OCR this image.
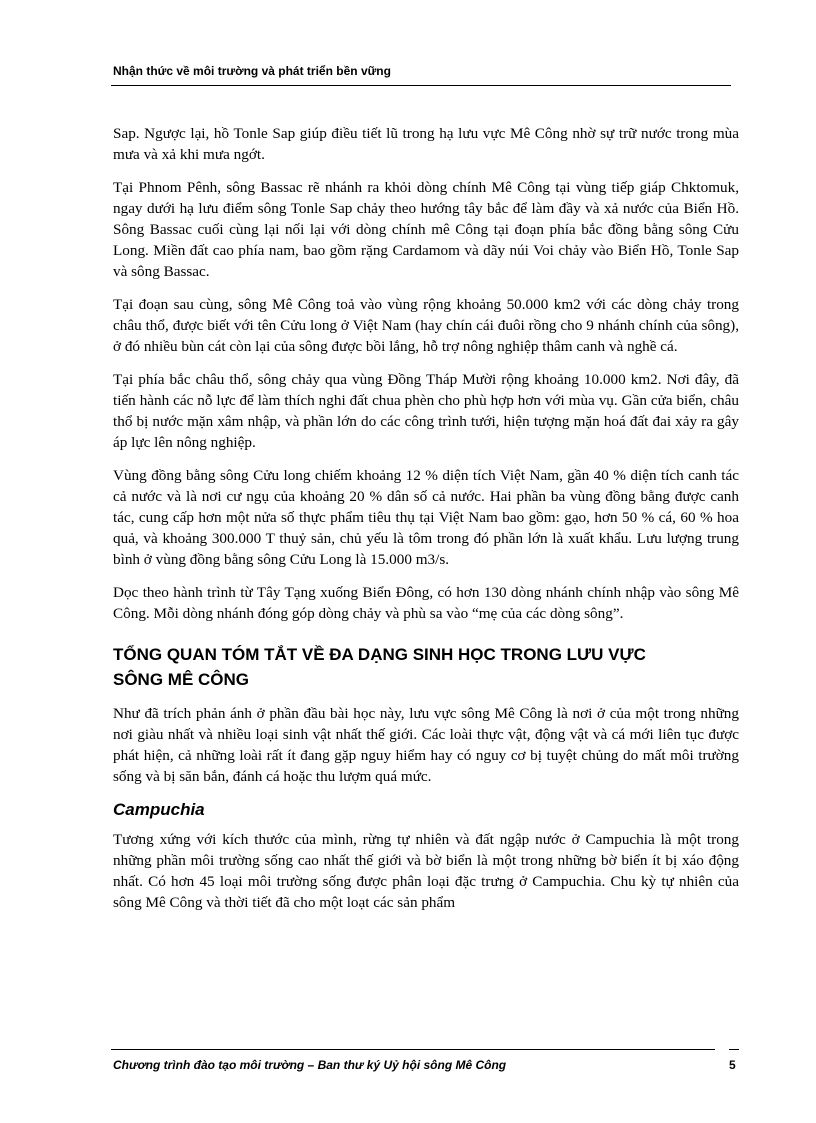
Nhận thức về môi trường và phát triển bền vững

Sap. Ngược lại, hồ Tonle Sap giúp điều tiết lũ trong hạ lưu vực Mê Công nhờ sự trữ nước trong mùa mưa và xả khi mưa ngớt.

Tại Phnom Pênh, sông Bassac rẽ nhánh ra khỏi dòng chính Mê Công tại vùng tiếp giáp Chktomuk, ngay dưới hạ lưu điểm sông Tonle Sap chảy theo hướng tây bắc để làm đầy và xả nước của Biển Hồ. Sông Bassac cuối cùng lại nối lại với dòng chính mê Công tại đoạn phía bắc đồng bằng sông Cửu Long. Miền đất cao phía nam, bao gồm rặng Cardamom và dãy núi Voi chảy vào Biển Hồ, Tonle Sap và sông Bassac.

Tại đoạn sau cùng, sông Mê Công toả vào vùng rộng khoảng 50.000 km2 với các dòng chảy trong châu thổ, được biết với tên Cửu long ở Việt Nam (hay chín cái đuôi rồng cho 9 nhánh chính của sông), ở đó nhiều bùn cát còn lại của sông được bồi lắng, hỗ trợ nông nghiệp thâm canh và nghề cá.

Tại phía bắc châu thổ, sông chảy qua vùng Đồng Tháp Mười rộng khoảng 10.000 km2. Nơi đây, đã tiến hành các nỗ lực để làm thích nghi đất chua phèn cho phù hợp hơn với mùa vụ. Gần cửa biển, châu thổ bị nước mặn xâm nhập, và phần lớn do các công trình tưới, hiện tượng mặn hoá đất đai xảy ra gây áp lực lên nông nghiệp.

Vùng đồng bằng sông Cửu long chiếm khoảng 12 % diện tích Việt Nam, gần 40 % diện tích canh tác cả nước và là nơi cư ngụ của khoảng 20 % dân số cả nước. Hai phần ba vùng đồng bằng được canh tác, cung cấp hơn một nửa số thực phẩm tiêu thụ tại Việt Nam bao gồm: gạo, hơn 50 % cá, 60 % hoa quả, và khoảng 300.000 T thuỷ sản, chủ yếu là tôm trong đó phần lớn là xuất khẩu. Lưu lượng trung bình ở vùng đồng bằng sông Cửu Long là 15.000 m3/s.

Dọc theo hành trình từ Tây Tạng xuống Biển Đông, có hơn 130 dòng nhánh chính nhập vào sông Mê Công. Mỗi dòng nhánh đóng góp dòng chảy và phù sa vào “mẹ của các dòng sông”.

TỔNG QUAN TÓM TẮT VỀ ĐA DẠNG SINH HỌC TRONG LƯU VỰC SÔNG MÊ CÔNG

Như đã trích phản ánh ở phần đầu bài học này, lưu vực sông Mê Công là nơi ở của một trong những nơi giàu nhất và nhiều loại sinh vật nhất thế giới. Các loài thực vật, động vật và cá mới liên tục được phát hiện, cả những loài rất ít đang gặp nguy hiểm hay có nguy cơ bị tuyệt chủng do mất môi trường sống và bị săn bắn, đánh cá hoặc thu lượm quá mức.

Campuchia

Tương xứng với kích thước của mình, rừng tự nhiên và đất ngập nước ở Campuchia là một trong những phần môi trường sống cao nhất thế giới và bờ biển là một trong những bờ biển ít bị xáo động nhất. Có hơn 45 loại môi trường sống được phân loại đặc trưng ở Campuchia. Chu kỳ tự nhiên của sông Mê Công và thời tiết đã cho một loạt các sản phẩm

Chương trình đào tạo môi trường – Ban thư ký Uỷ hội sông Mê Công	5
